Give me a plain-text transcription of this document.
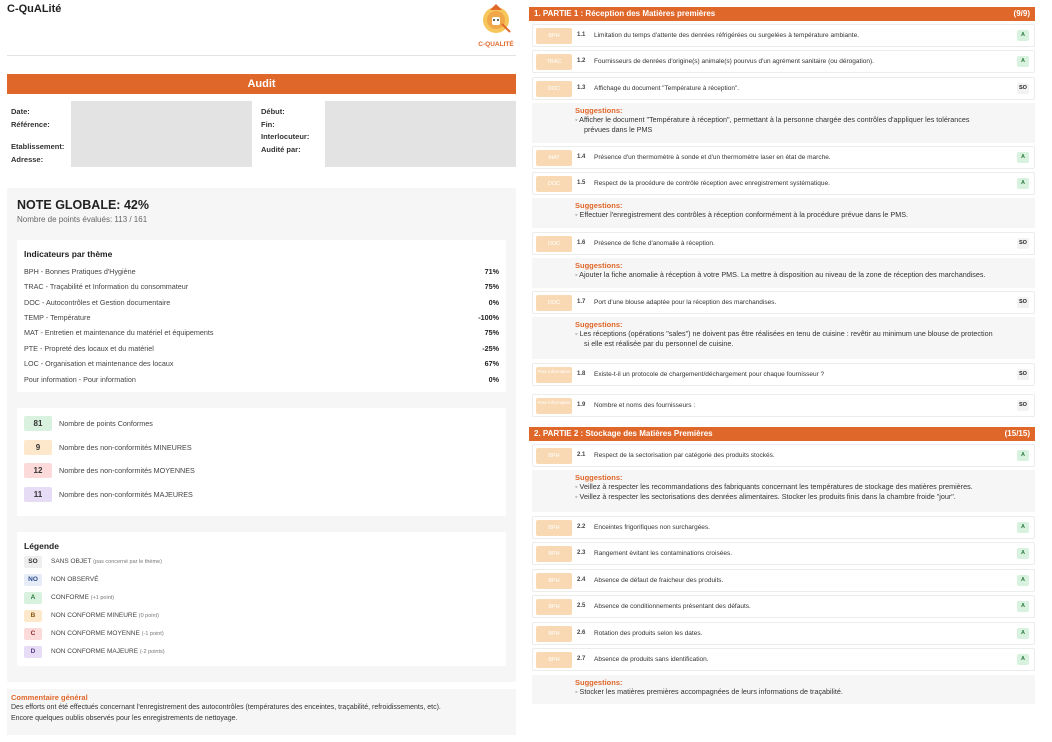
C-QuALité
C-QUALITÉ
Audit
Date:
Référence:
Etablissement:
Adresse:
Début:
Fin:
Interlocuteur:
Audité par:
NOTE GLOBALE: 42%
Nombre de points évalués: 113 / 161
Indicateurs par thème
BPH - Bonnes Pratiques d'Hygiène	71%
TRAC - Traçabilité et Information du consommateur	75%
DOC - Autocontrôles et Gestion documentaire	0%
TEMP - Température	-100%
MAT - Entretien et maintenance du matériel et équipements	75%
PTE - Propreté des locaux et du matériel	-25%
LOC - Organisation et maintenance des locaux	67%
Pour information - Pour information	0%
81	Nombre de points Conformes
9	Nombre des non-conformités MINEURES
12	Nombre des non-conformités MOYENNES
11	Nombre des non-conformités MAJEURES
Légende
SO	SANS OBJET (pas concerné par le thème)
NO	NON OBSERVÉ
A	CONFORME (+1 point)
B	NON CONFORME MINEURE (0 point)
C	NON CONFORME MOYENNE (-1 point)
D	NON CONFORME MAJEURE (-2 points)
Commentaire général
Des efforts ont été effectués concernant l'enregistrement des autocontrôles (températures des enceintes, traçabilité, refroidissements, etc).
Encore quelques oublis observés pour les enregistrements de nettoyage.
1. PARTIE 1 : Réception des Matières premières	(9/9)
BPH	1.1 Limitation du temps d'attente des denrées réfrigérées ou surgelées à température ambiante.	A
TRAC	1.2 Fournisseurs de denrées d'origine(s) animale(s) pourvus d'un agrément sanitaire (ou dérogation).	A
DOC	1.3 Affichage du document "Température à réception".	SO
Suggestions:
◦ Afficher le document "Température à réception", permettant à la personne chargée des contrôles d'appliquer les tolérances
prévues dans le PMS
MAT	1.4 Présence d'un thermomètre à sonde et d'un thermomètre laser en état de marche.	A
DOC	1.5 Respect de la procédure de contrôle réception avec enregistrement systématique.	A
Suggestions:
◦ Effectuer l'enregistrement des contrôles à réception conformément à la procédure prévue dans le PMS.
DOC	1.6 Présence de fiche d'anomalie à réception.	SO
Suggestions:
◦ Ajouter la fiche anomalie à réception à votre PMS. La mettre à disposition au niveau de la zone de réception des marchandises.
DOC	1.7 Port d'une blouse adaptée pour la réception des marchandises.	SO
Suggestions:
◦ Les réceptions (opérations "sales") ne doivent pas être réalisées en tenu de cuisine : revêtir au minimum une blouse de protection
si elle est réalisée par du personnel de cuisine.
Pour information 1.8 Existe-t-il un protocole de chargement/déchargement pour chaque fournisseur ?	SO
Pour information 1.9 Nombre et noms des fournisseurs :	SO
2. PARTIE 2 : Stockage des Matières Premières	(15/15)
BPH	2.1 Respect de la sectorisation par catégorie des produits stockés.	A
Suggestions:
◦ Veillez à respecter les recommandations des fabriquants concernant les températures de stockage des matières premières.
◦ Veillez à respecter les sectorisations des denrées alimentaires. Stocker les produits finis dans la chambre froide "jour".
BPH	2.2 Enceintes frigorifiques non surchargées.	A
BPH	2.3 Rangement évitant les contaminations croisées.	A
BPH	2.4 Absence de défaut de fraicheur des produits.	A
BPH	2.5 Absence de conditionnements présentant des défauts.	A
BPH	2.6 Rotation des produits selon les dates.	A
BPH	2.7 Absence de produits sans identification.	A
Suggestions:
◦ Stocker les matières premières accompagnées de leurs informations de traçabilité.
